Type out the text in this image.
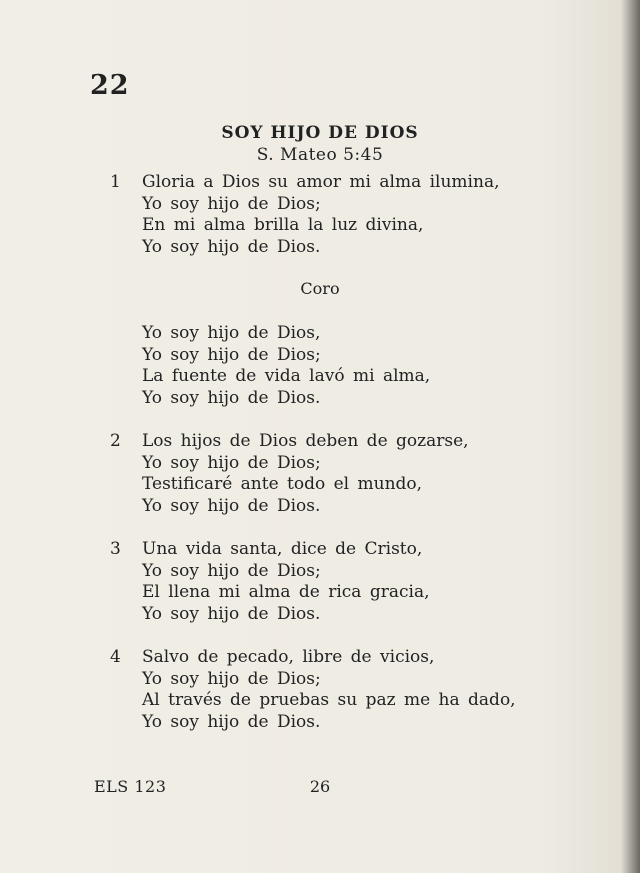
22
SOY HIJO DE DIOS
S. Mateo 5:45
1	Gloria a Dios su amor mi alma ilumina,
Yo soy hijo de Dios;
En mi alma brilla la luz divina,
Yo soy hijo de Dios.
Coro
Yo soy hijo de Dios,
Yo soy hijo de Dios;
La fuente de vida lavó mi alma,
Yo soy hijo de Dios.
2	Los hijos de Dios deben de gozarse,
Yo soy hijo de Dios;
Testificaré ante todo el mundo,
Yo soy hijo de Dios.
3	Una vida santa, dice de Cristo,
Yo soy hijo de Dios;
El llena mi alma de rica gracia,
Yo soy hijo de Dios.
4	Salvo de pecado, libre de vicios,
Yo soy hijo de Dios;
Al través de pruebas su paz me ha dado,
Yo soy hijo de Dios.
ELS 123	26
